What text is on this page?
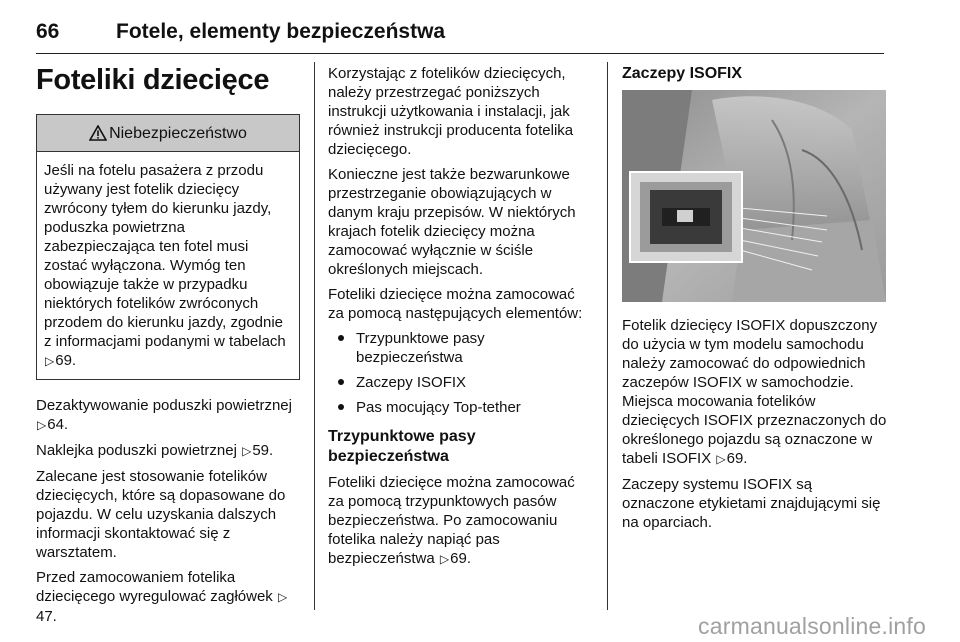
66	Fotele, elementy bezpieczeństwa
Foteliki dziecięce
Niebezpieczeństwo
Jeśli na fotelu pasażera z przodu używany jest fotelik dziecięcy zwrócony tyłem do kierunku jazdy, poduszka powietrzna zabezpieczająca ten fotel musi zostać wyłączona. Wymóg ten obowiązuje także w przypadku niektórych fotelików zwróconych przodem do kierunku jazdy, zgodnie z informacjami podanymi w tabelach ▷69.

Dezaktywowanie poduszki powietrznej ▷64.

Naklejka poduszki powietrznej ▷59.

Zalecane jest stosowanie fotelików dziecięcych, które są dopasowane do pojazdu. W celu uzyskania dalszych informacji skontaktować się z warsztatem.

Przed zamocowaniem fotelika dziecięcego wyregulować zagłówek ▷47.

Korzystając z fotelików dziecięcych, należy przestrzegać poniższych instrukcji użytkowania i instalacji, jak również instrukcji producenta fotelika dziecięcego.

Konieczne jest także bezwarunkowe przestrzeganie obowiązujących w danym kraju przepisów. W niektórych krajach fotelik dziecięcy można zamocować wyłącznie w ściśle określonych miejscach.

Foteliki dziecięce można zamocować za pomocą następujących elementów:

Trzypunktowe pasy bezpieczeństwa
Zaczepy ISOFIX
Pas mocujący Top-tether
Trzypunktowe pasy bezpieczeństwa

Foteliki dziecięce można zamocować za pomocą trzypunktowych pasów bezpieczeństwa. Po zamocowaniu fotelika należy napiąć pas bezpieczeństwa ▷69.

Zaczepy ISOFIX

Fotelik dziecięcy ISOFIX dopuszczony do użycia w tym modelu samochodu należy zamocować do odpowiednich zaczepów ISOFIX w samochodzie. Miejsca mocowania fotelików dziecięcych ISOFIX przeznaczonych do określonego pojazdu są oznaczone w tabeli ISOFIX ▷69.

Zaczepy systemu ISOFIX są oznaczone etykietami znajdującymi się na oparciach.

carmanualsonline.info
